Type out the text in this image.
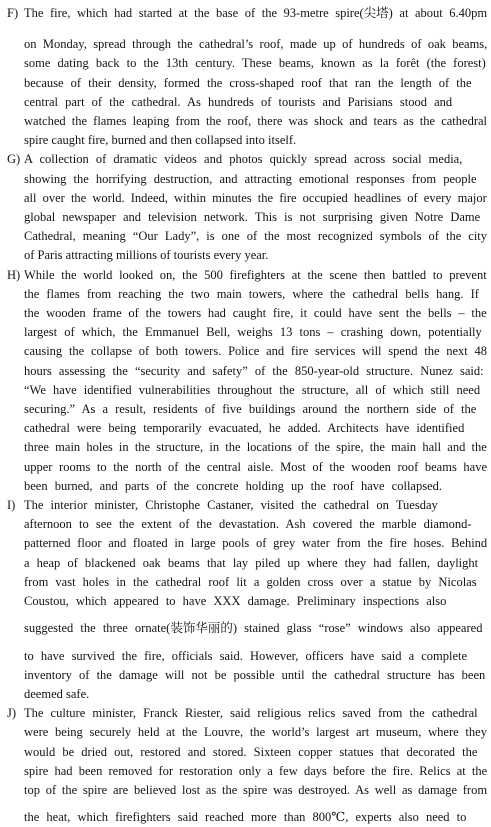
F) The fire, which had started at the base of the 93-metre spire(尖塔) at about 6.40pm
on Monday, spread through the cathedral’s roof, made up of hundreds of oak beams,
some dating back to the 13th century. These beams, known as la forêt (the forest)
because of their density, formed the cross-shaped roof that ran the length of the
central part of the cathedral. As hundreds of tourists and Parisians stood and
watched the flames leaping from the roof, there was shock and tears as the cathedral
spire caught fire, burned and then collapsed into itself.
G) A collection of dramatic videos and photos quickly spread across social media,
showing the horrifying destruction, and attracting emotional responses from people
all over the world. Indeed, within minutes the fire occupied headlines of every major
global newspaper and television network. This is not surprising given Notre Dame
Cathedral, meaning “Our Lady”, is one of the most recognized symbols of the city
of Paris attracting millions of tourists every year.
H) While the world looked on, the 500 firefighters at the scene then battled to prevent
the flames from reaching the two main towers, where the cathedral bells hang. If
the wooden frame of the towers had caught fire, it could have sent the bells – the
largest of which, the Emmanuel Bell, weighs 13 tons – crashing down, potentially
causing the collapse of both towers. Police and fire services will spend the next 48
hours assessing the “security and safety” of the 850-year-old structure. Nunez said:
“We have identified vulnerabilities throughout the structure, all of which still need
securing.” As a result, residents of five buildings around the northern side of the
cathedral were being temporarily evacuated, he added. Architects have identified
three main holes in the structure, in the locations of the spire, the main hall and the
upper rooms to the north of the central aisle. Most of the wooden roof beams have
been burned, and parts of the concrete holding up the roof have collapsed.
I) The interior minister, Christophe Castaner, visited the cathedral on Tuesday
afternoon to see the extent of the devastation. Ash covered the marble diamond-
patterned floor and floated in large pools of grey water from the fire hoses. Behind
a heap of blackened oak beams that lay piled up where they had fallen, daylight
from vast holes in the cathedral roof lit a golden cross over a statue by Nicolas
Coustou, which appeared to have XXX damage. Preliminary inspections also
suggested the three ornate(装饰华丽的) stained glass “rose” windows also appeared
to have survived the fire, officials said. However, officers have said a complete
inventory of the damage will not be possible until the cathedral structure has been
deemed safe.
J) The culture minister, Franck Riester, said religious relics saved from the cathedral
were being securely held at the Louvre, the world’s largest art museum, where they
would be dried out, restored and stored. Sixteen copper statues that decorated the
spire had been removed for restoration only a few days before the fire. Relics at the
top of the spire are believed lost as the spire was destroyed. As well as damage from
the heat, which firefighters said reached more than 800℃, experts also need to
